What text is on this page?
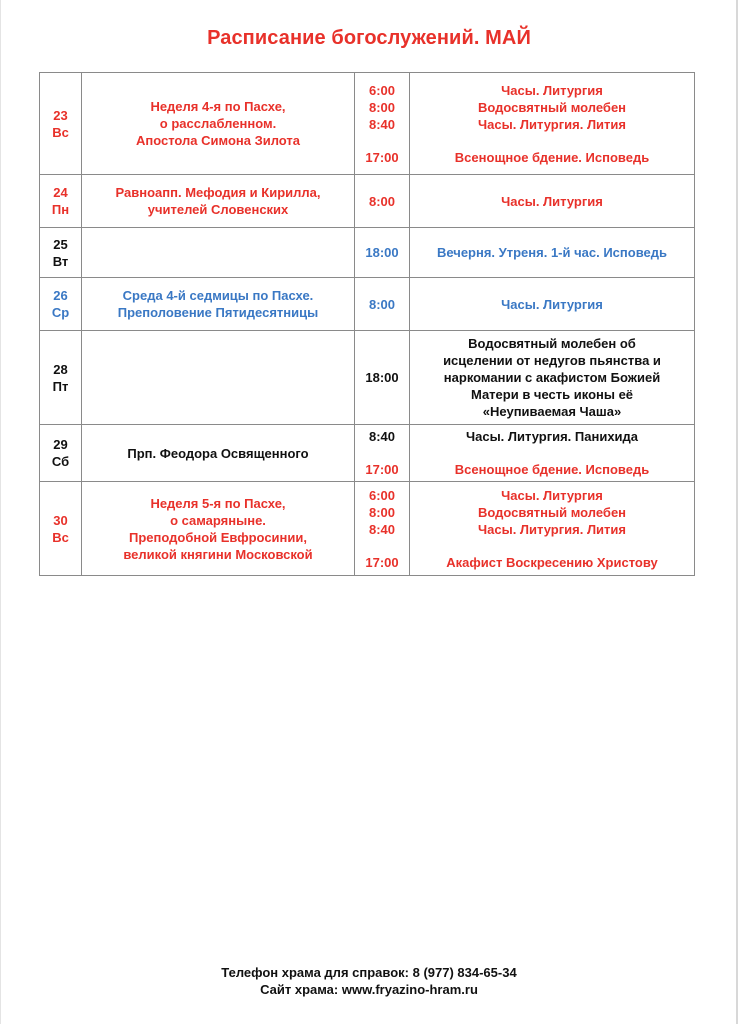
Расписание богослужений. МАЙ
23
Вс	Неделя 4-я по Пасхе,
о расслабленном.
Апостола Симона Зилота	6:00
8:00
8:40
17:00	Часы. Литургия
Водосвятный молебен
Часы. Литургия. Лития
Всенощное бдение. Исповедь

24
Пн	Равноапп. Мефодия и Кирилла,
учителей Словенских	8:00	Часы. Литургия

25
Вт		18:00	Вечерня. Утреня. 1-й час. Исповедь

26
Ср	Среда 4-й седмицы по Пасхе.
Преполовение Пятидесятницы	8:00	Часы. Литургия

28
Пт		18:00	Водосвятный молебен об
исцелении от недугов пьянства и
наркомании с акафистом Божией
Матери в честь иконы её
«Неупиваемая Чаша»

29
Сб	Прп. Феодора Освященного	8:40
17:00	Часы. Литургия. Панихида
Всенощное бдение. Исповедь

30
Вс	Неделя 5-я по Пасхе,
о самаряныне.
Преподобной Евфросинии,
великой княгини Московской	6:00
8:00
8:40
17:00	Часы. Литургия
Водосвятный молебен
Часы. Литургия. Лития
Акафист Воскресению Христову
Телефон храма для справок: 8 (977) 834-65-34
Сайт храма: www.fryazino-hram.ru
